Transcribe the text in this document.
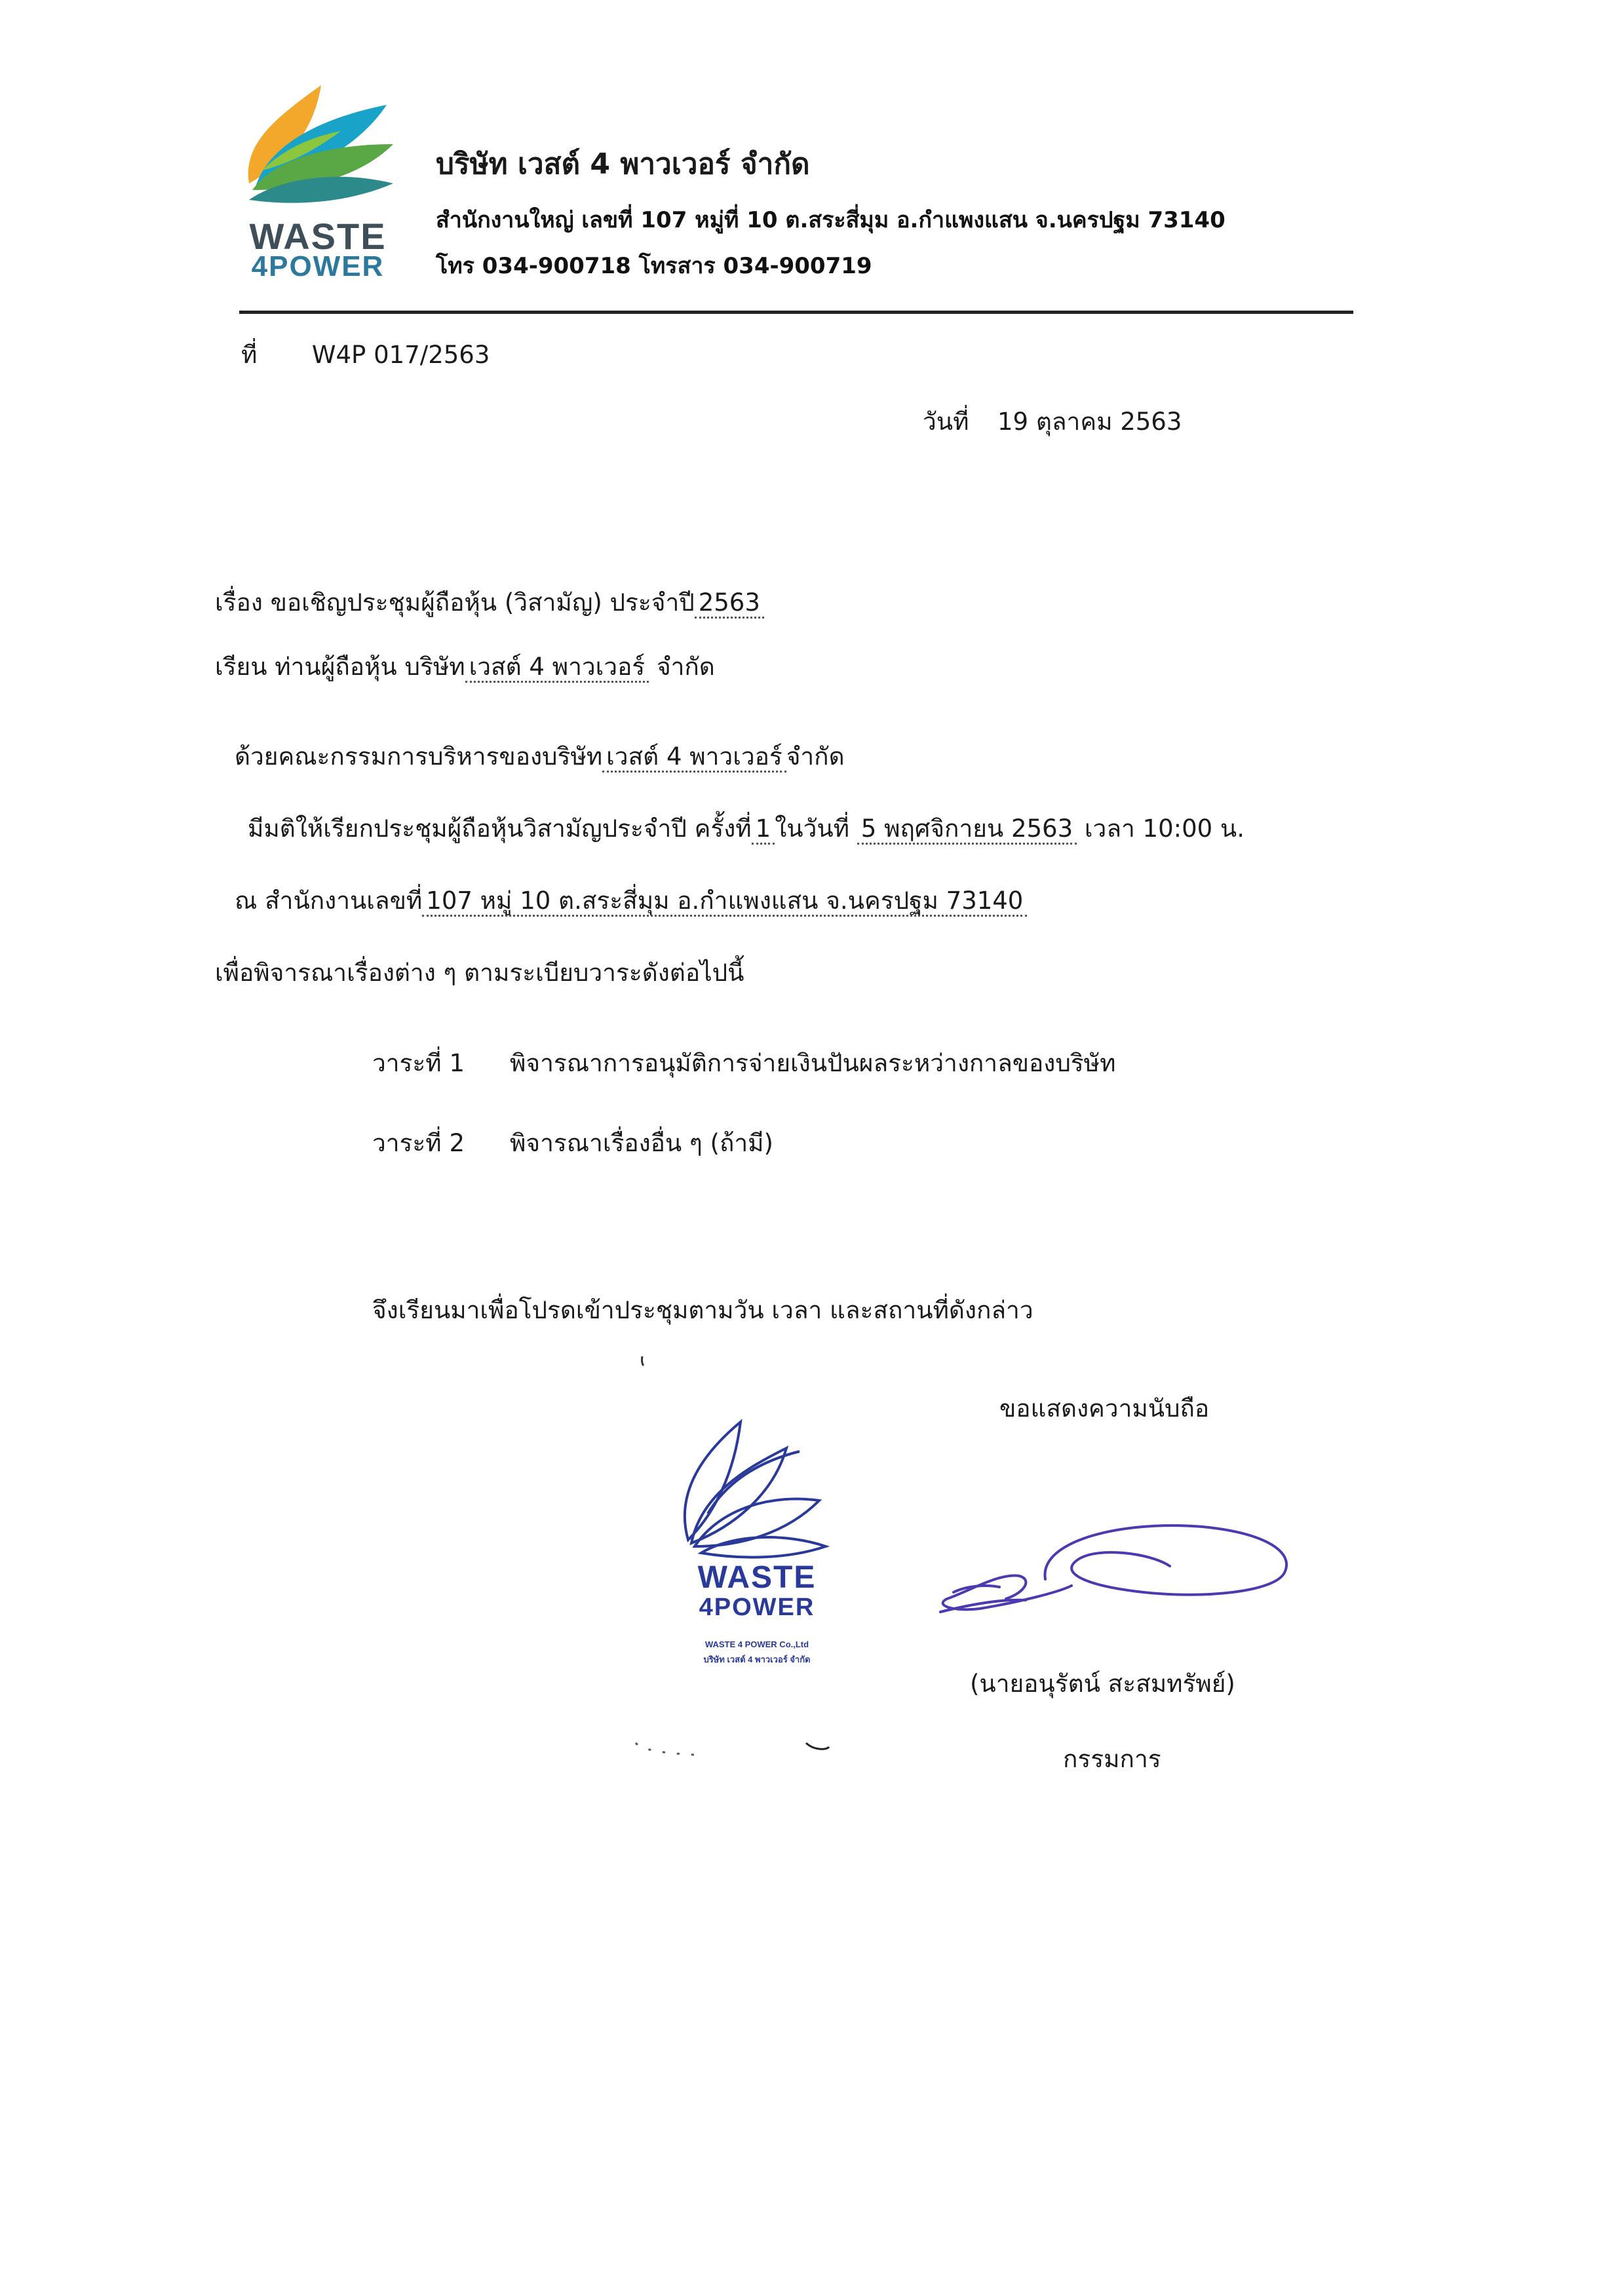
WASTE
4POWER
บริษัท เวสต์ 4 พาวเวอร์ จำกัด
สำนักงานใหญ่ เลขที่ 107 หมู่ที่ 10 ต.สระสี่มุม อ.กำแพงแสน จ.นครปฐม 73140
โทร 034-900718 โทรสาร 034-900719
ที่ W4P 017/2563
วันที่ 19 ตุลาคม 2563
เรื่อง ขอเชิญประชุมผู้ถือหุ้น (วิสามัญ) ประจำปี 2563
เรียน ท่านผู้ถือหุ้น บริษัท เวสต์ 4 พาวเวอร์ จำกัด
ด้วยคณะกรรมการบริหารของบริษัท เวสต์ 4 พาวเวอร์ จำกัด
มีมติให้เรียกประชุมผู้ถือหุ้นวิสามัญประจำปี ครั้งที่ 1 ในวันที่ 5 พฤศจิกายน 2563 เวลา 10:00 น.
ณ สำนักงานเลขที่ 107 หมู่ 10 ต.สระสี่มุม อ.กำแพงแสน จ.นครปฐม 73140
เพื่อพิจารณาเรื่องต่าง ๆ ตามระเบียบวาระดังต่อไปนี้
วาระที่ 1 พิจารณาการอนุมัติการจ่ายเงินปันผลระหว่างกาลของบริษัท
วาระที่ 2 พิจารณาเรื่องอื่น ๆ (ถ้ามี)
จึงเรียนมาเพื่อโปรดเข้าประชุมตามวัน เวลา และสถานที่ดังกล่าว
ขอแสดงความนับถือ
WASTE
4POWER
WASTE 4 POWER Co.,Ltd
บริษัท เวสต์ 4 พาวเวอร์ จำกัด
(นายอนุรัตน์ สะสมทรัพย์)
กรรมการ
